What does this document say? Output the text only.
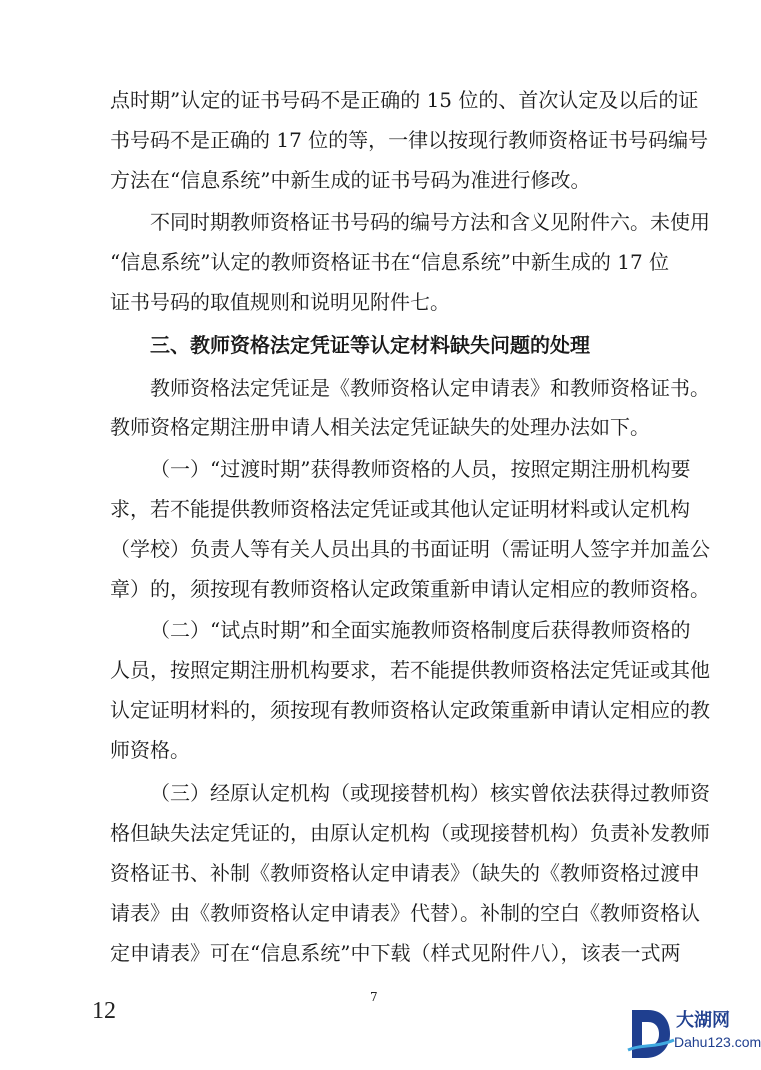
点时期”认定的证书号码不是正确的 15 位的、首次认定及以后的证
书号码不是正确的 17 位的等，一律以按现行教师资格证书号码编号
方法在“信息系统”中新生成的证书号码为准进行修改。
不同时期教师资格证书号码的编号方法和含义见附件六。未使用
“信息系统”认定的教师资格证书在“信息系统”中新生成的 17 位
证书号码的取值规则和说明见附件七。
三、教师资格法定凭证等认定材料缺失问题的处理
教师资格法定凭证是《教师资格认定申请表》和教师资格证书。
教师资格定期注册申请人相关法定凭证缺失的处理办法如下。
（一）“过渡时期”获得教师资格的人员，按照定期注册机构要
求，若不能提供教师资格法定凭证或其他认定证明材料或认定机构
（学校）负责人等有关人员出具的书面证明（需证明人签字并加盖公
章）的，须按现有教师资格认定政策重新申请认定相应的教师资格。
（二）“试点时期”和全面实施教师资格制度后获得教师资格的
人员，按照定期注册机构要求，若不能提供教师资格法定凭证或其他
认定证明材料的，须按现有教师资格认定政策重新申请认定相应的教
师资格。
（三）经原认定机构（或现接替机构）核实曾依法获得过教师资
格但缺失法定凭证的，由原认定机构（或现接替机构）负责补发教师
资格证书、补制《教师资格认定申请表》（缺失的《教师资格过渡申
请表》由《教师资格认定申请表》代替）。补制的空白《教师资格认
定申请表》可在“信息系统”中下载（样式见附件八），该表一式两
7
12	大湖网
Dahu123.com
